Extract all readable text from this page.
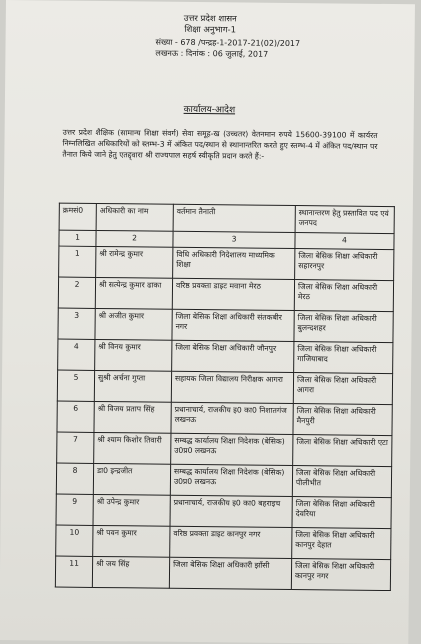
उत्तर प्रदेश शासन
शिक्षा अनुभाग-1
संख्या - 678 /पन्द्रह-1-2017-21(02)/2017
लखनऊ : दिनांक : 06 जुलाई, 2017
कार्यालय-आदेश
उत्तर प्रदेश शैक्षिक (सामान्य शिक्षा संवर्ग) सेवा समूह-ख (उच्चतर) वेतनमान रुपये 15600-39100 में कार्यरत निम्नलिखित अधिकारियों को स्तम्भ-3 में अंकित पद/स्थान से स्थानान्तरित करते हुए स्तम्भ-4 में अंकित पद/स्थान पर तैनात किये जाने हेतु एतद्द्वारा श्री राज्यपाल सहर्ष स्वीकृति प्रदान करते हैं:-
क्रमसं0	अधिकारी का नाम	वर्तमान तैनाती	स्थानान्तरण हेतु प्रस्तावित पद एवं जनपद
1	2	3	4
1	श्री रामेन्द्र कुमार	विधि अधिकारी निदेशालय माध्यमिक शिक्षा	जिला बेसिक शिक्षा अधिकारी सहारनपुर
2	श्री सत्येन्द्र कुमार ढाका	वरिष्ठ प्रवक्ता डाइट मवाना मेरठ	जिला बेसिक शिक्षा अधिकारी मेरठ
3	श्री अजीत कुमार	जिला बेसिक शिक्षा अधिकारी संतकबीर नगर	जिला बेसिक शिक्षा अधिकारी बुलन्दशहर
4	श्री विनय कुमार	जिला बेसिक शिक्षा अधिकारी जौनपुर	जिला बेसिक शिक्षा अधिकारी गाजियाबाद
5	सुश्री अर्चना गुप्ता	सहायक जिला विद्यालय निरीक्षक आगरा	जिला बेसिक शिक्षा अधिकारी आगरा
6	श्री विजय प्रताप सिंह	प्रधानाचार्य, राजकीय इ0 का0 निशातगंज लखनऊ	जिला बेसिक शिक्षा अधिकारी मैनपुरी
7	श्री श्याम किशोर तिवारी	सम्बद्ध कार्यालय शिक्षा निदेशक (बेसिक) उ0प्र0 लखनऊ	जिला बेसिक शिक्षा अधिकारी एटा
8	डा0 इन्द्रजीत	सम्बद्ध कार्यालय शिक्षा निदेशक (बेसिक) उ0प्र0 लखनऊ	जिला बेसिक शिक्षा अधिकारी पीलीभीत
9	श्री उपेन्द्र कुमार	प्रधानाचार्य, राजकीय इ0 का0 बहराइच	जिला बेसिक शिक्षा अधिकारी देवरिया
10	श्री पवन कुमार	वरिष्ठ प्रवक्ता डाइट कानपुर नगर	जिला बेसिक शिक्षा अधिकारी कानपुर देहात
11	श्री जय सिंह	जिला बेसिक शिक्षा अधिकारी झाँसी	जिला बेसिक शिक्षा अधिकारी कानपुर नगर
